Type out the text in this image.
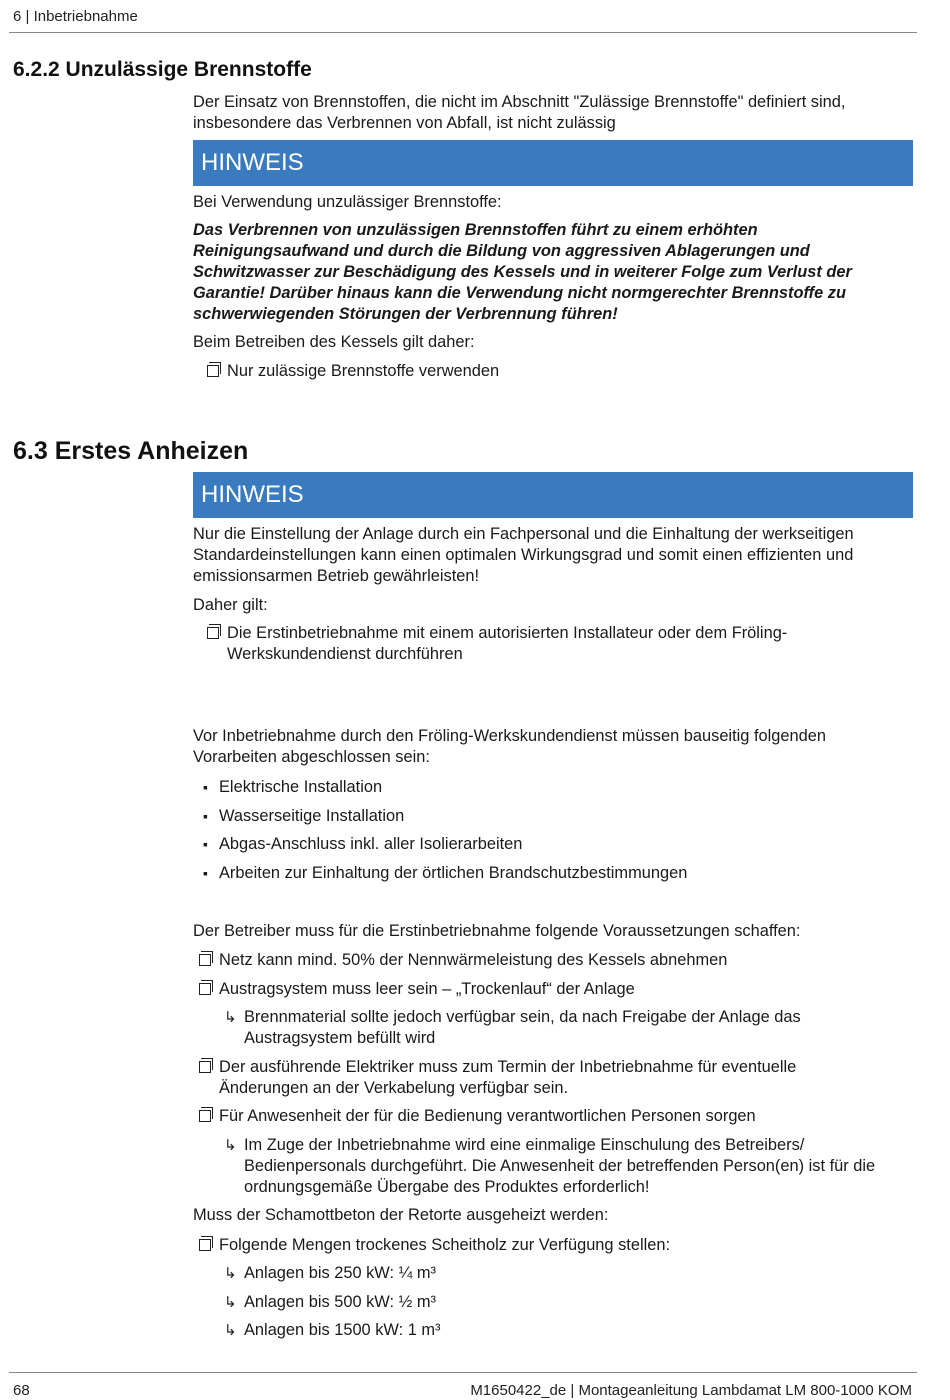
6 | Inbetriebnahme
6.2.2 Unzulässige Brennstoffe
Der Einsatz von Brennstoffen, die nicht im Abschnitt "Zulässige Brennstoffe" definiert sind, insbesondere das Verbrennen von Abfall, ist nicht zulässig
HINWEIS
Bei Verwendung unzulässiger Brennstoffe:
Das Verbrennen von unzulässigen Brennstoffen führt zu einem erhöhten Reinigungsaufwand und durch die Bildung von aggressiven Ablagerungen und Schwitzwasser zur Beschädigung des Kessels und in weiterer Folge zum Verlust der Garantie! Darüber hinaus kann die Verwendung nicht normgerechter Brennstoffe zu schwerwiegenden Störungen der Verbrennung führen!
Beim Betreiben des Kessels gilt daher:
Nur zulässige Brennstoffe verwenden
6.3 Erstes Anheizen
HINWEIS
Nur die Einstellung der Anlage durch ein Fachpersonal und die Einhaltung der werkseitigen Standardeinstellungen kann einen optimalen Wirkungsgrad und somit einen effizienten und emissionsarmen Betrieb gewährleisten!
Daher gilt:
Die Erstinbetriebnahme mit einem autorisierten Installateur oder dem Fröling-Werkskundendienst durchführen
Vor Inbetriebnahme durch den Fröling-Werkskundendienst müssen bauseitig folgenden Vorarbeiten abgeschlossen sein:
▪ Elektrische Installation
▪ Wasserseitige Installation
▪ Abgas-Anschluss inkl. aller Isolierarbeiten
▪ Arbeiten zur Einhaltung der örtlichen Brandschutzbestimmungen
Der Betreiber muss für die Erstinbetriebnahme folgende Voraussetzungen schaffen:
Netz kann mind. 50% der Nennwärmeleistung des Kessels abnehmen
Austragsystem muss leer sein – „Trockenlauf“ der Anlage
↳ Brennmaterial sollte jedoch verfügbar sein, da nach Freigabe der Anlage das Austragsystem befüllt wird
Der ausführende Elektriker muss zum Termin der Inbetriebnahme für eventuelle Änderungen an der Verkabelung verfügbar sein.
Für Anwesenheit der für die Bedienung verantwortlichen Personen sorgen
↳ Im Zuge der Inbetriebnahme wird eine einmalige Einschulung des Betreibers/ Bedienpersonals durchgeführt. Die Anwesenheit der betreffenden Person(en) ist für die ordnungsgemäße Übergabe des Produktes erforderlich!
Muss der Schamottbeton der Retorte ausgeheizt werden:
Folgende Mengen trockenes Scheitholz zur Verfügung stellen:
↳ Anlagen bis 250 kW: ¼ m³
↳ Anlagen bis 500 kW: ½ m³
↳ Anlagen bis 1500 kW: 1 m³
68	M1650422_de | Montageanleitung Lambdamat LM 800-1000 KOM
